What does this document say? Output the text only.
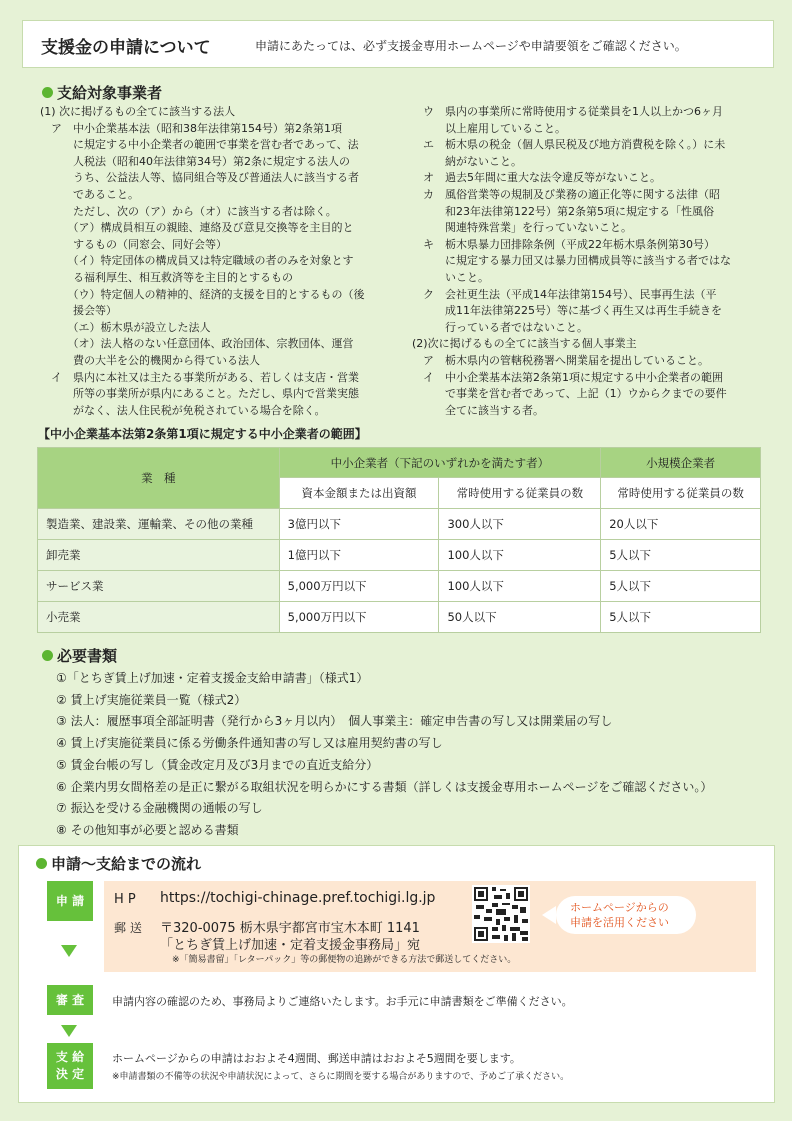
支援金の申請について	申請にあたっては、必ず支援金専用ホームページや申請要領をご確認ください。
支給対象事業者

(1) 次に掲げるもの全てに該当する法人

　ア　中小企業基本法（昭和38年法律第154号）第2条第1項

　　　に規定する中小企業者の範囲で事業を営む者であって、法

　　　人税法（昭和40年法律第34号）第2条に規定する法人の

　　　うち、公益法人等、協同組合等及び普通法人に該当する者

　　　であること。

　　　ただし、次の（ア）から（オ）に該当する者は除く。

　　　（ア）構成員相互の親睦、連絡及び意見交換等を主目的と

　　　するもの（同窓会、同好会等）

　　　（イ）特定団体の構成員又は特定職域の者のみを対象とす

　　　る福利厚生、相互救済等を主目的とするもの

　　　（ウ）特定個人の精神的、経済的支援を目的とするもの（後

　　　援会等）

　　　（エ）栃木県が設立した法人

　　　（オ）法人格のない任意団体、政治団体、宗教団体、運営

　　　費の大半を公的機関から得ている法人

　イ　県内に本社又は主たる事業所がある、若しくは支店・営業

　　　所等の事業所が県内にあること。ただし、県内で営業実態

　　　がなく、法人住民税が免税されている場合を除く。

　ウ　県内の事業所に常時使用する従業員を1人以上かつ6ヶ月

　　　以上雇用していること。

　エ　栃木県の税金（個人県民税及び地方消費税を除く。）に未

　　　納がないこと。

　オ　過去5年間に重大な法令違反等がないこと。

　カ　風俗営業等の規制及び業務の適正化等に関する法律（昭

　　　和23年法律第122号）第2条第5項に規定する「性風俗

　　　関連特殊営業」を行っていないこと。

　キ　栃木県暴力団排除条例（平成22年栃木県条例第30号）

　　　に規定する暴力団又は暴力団構成員等に該当する者ではな

　　　いこと。

　ク　会社更生法（平成14年法律第154号）、民事再生法（平

　　　成11年法律第225号）等に基づく再生又は再生手続きを

　　　行っている者ではないこと。

(2)次に掲げるもの全てに該当する個人事業主

　ア　栃木県内の管轄税務署へ開業届を提出していること。

　イ　中小企業基本法第2条第1項に規定する中小企業者の範囲

　　　で事業を営む者であって、上記（1）ウからクまでの要件

　　　全てに該当する者。

【中小企業基本法第2条第1項に規定する中小企業者の範囲】
業　種	中小企業者（下記のいずれかを満たす者）		小規模企業者
	資本金額または出資額	常時使用する従業員の数	常時使用する従業員の数
製造業、建設業、運輸業、その他の業種	3億円以下	300人以下	20人以下
卸売業	1億円以下	100人以下	5人以下
サービス業	5,000万円以下	100人以下	5人以下
小売業	5,000万円以下	50人以下	5人以下
必要書類

①「とちぎ賃上げ加速・定着支援金支給申請書」（様式1）

② 賃上げ実施従業員一覧（様式2）

③ 法人：履歴事項全部証明書（発行から3ヶ月以内）　個人事業主：確定申告書の写し又は開業届の写し

④ 賃上げ実施従業員に係る労働条件通知書の写し又は雇用契約書の写し

⑤ 賃金台帳の写し（賃金改定月及び3月までの直近支給分）

⑥ 企業内男女間格差の是正に繋がる取組状況を明らかにする書類（詳しくは支援金専用ホームページをご確認ください。）

⑦ 振込を受ける金融機関の通帳の写し

⑧ その他知事が必要と認める書類

申請～支給までの流れ
申 請	H P https://tochigi-chinage.pref.tochigi.lg.jp
郵 送 〒320-0075 栃木県宇都宮市宝木本町 1141
「とちぎ賃上げ加速・定着支援金事務局」宛
※「簡易書留」「レターパック」等の郵便物の追跡ができる方法で郵送してください。
ホームページからの
申請を活用ください
審 査	申請内容の確認のため、事務局よりご連絡いたします。お手元に申請書類をご準備ください。
支 給
決 定
ホームページからの申請はおおよそ4週間、郵送申請はおおよそ5週間を要します。
※申請書類の不備等の状況や申請状況によって、さらに期間を要する場合がありますので、予めご了承ください。
